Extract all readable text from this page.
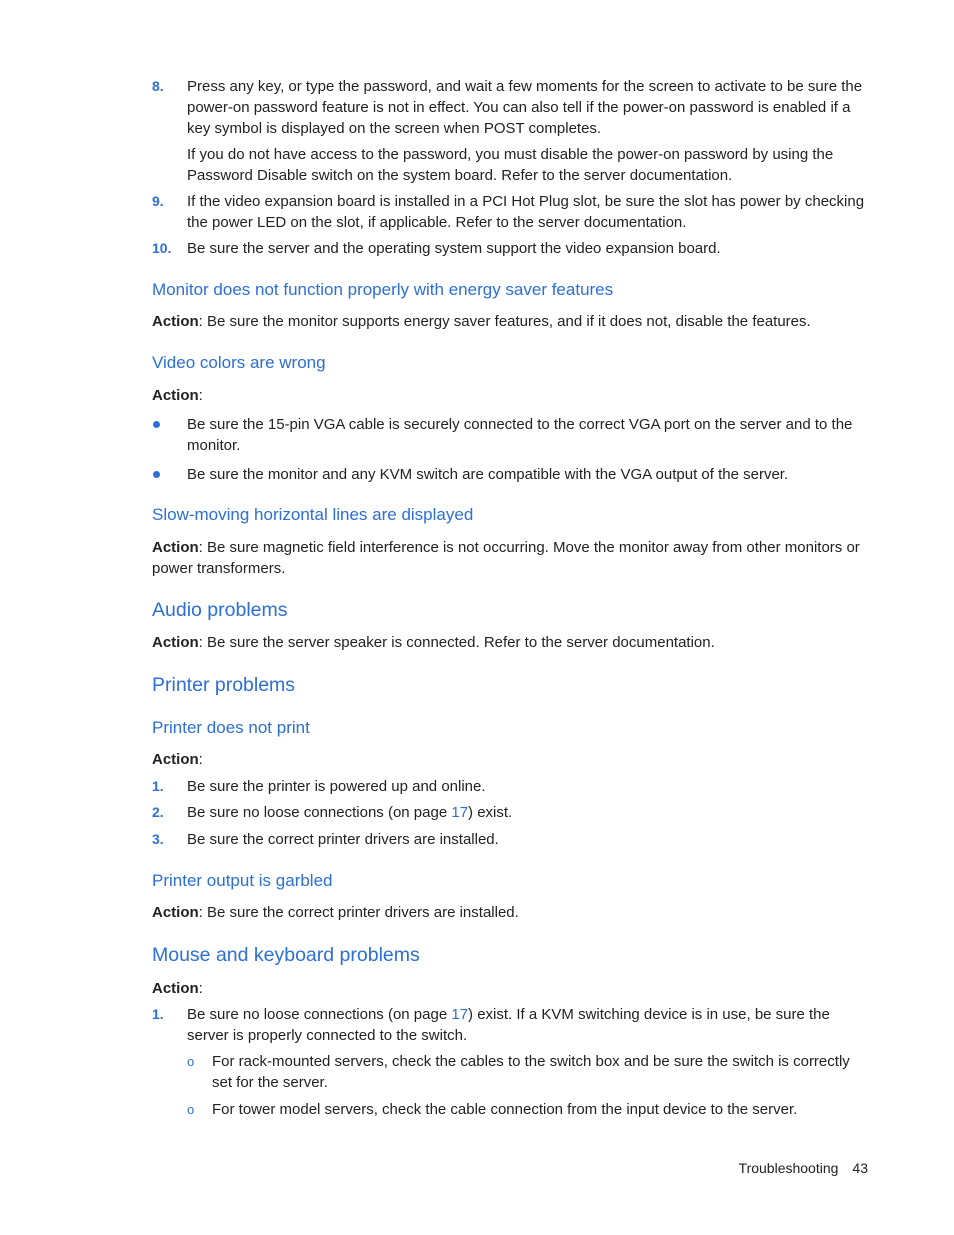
8.	Press any key, or type the password, and wait a few moments for the screen to activate to be sure the power-on password feature is not in effect. You can also tell if the power-on password is enabled if a key symbol is displayed on the screen when POST completes.
If you do not have access to the password, you must disable the power-on password by using the Password Disable switch on the system board. Refer to the server documentation.
9.	If the video expansion board is installed in a PCI Hot Plug slot, be sure the slot has power by checking the power LED on the slot, if applicable. Refer to the server documentation.
10.	Be sure the server and the operating system support the video expansion board.
Monitor does not function properly with energy saver features
Action: Be sure the monitor supports energy saver features, and if it does not, disable the features.
Video colors are wrong
Action:
Be sure the 15-pin VGA cable is securely connected to the correct VGA port on the server and to the monitor.
Be sure the monitor and any KVM switch are compatible with the VGA output of the server.
Slow-moving horizontal lines are displayed
Action: Be sure magnetic field interference is not occurring. Move the monitor away from other monitors or power transformers.
Audio problems
Action: Be sure the server speaker is connected. Refer to the server documentation.
Printer problems
Printer does not print
Action:
1.	Be sure the printer is powered up and online.
2.	Be sure no loose connections (on page 17) exist.
3.	Be sure the correct printer drivers are installed.
Printer output is garbled
Action: Be sure the correct printer drivers are installed.
Mouse and keyboard problems
Action:
1.	Be sure no loose connections (on page 17) exist. If a KVM switching device is in use, be sure the server is properly connected to the switch.
o	For rack-mounted servers, check the cables to the switch box and be sure the switch is correctly set for the server.
o	For tower model servers, check the cable connection from the input device to the server.
Troubleshooting 43
